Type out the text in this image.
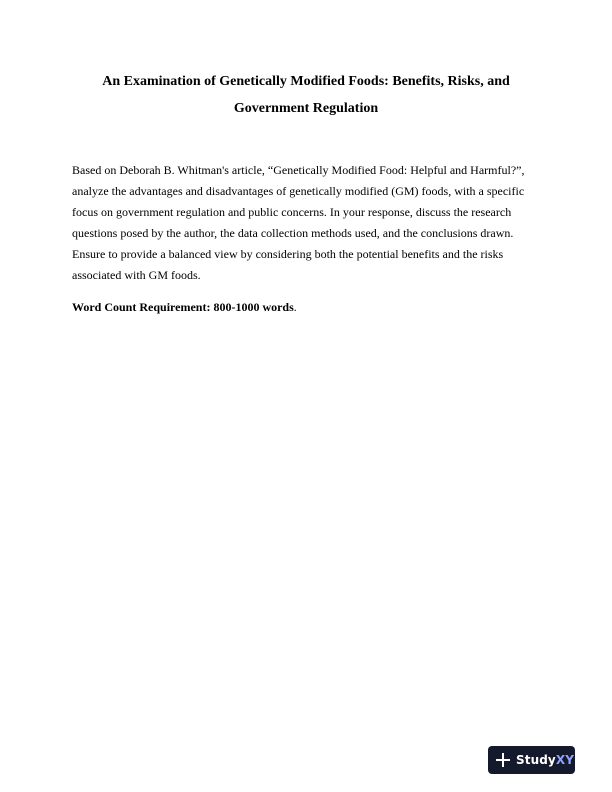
An Examination of Genetically Modified Foods: Benefits, Risks, and
Government Regulation

Based on Deborah B. Whitman's article, “Genetically Modified Food: Helpful and Harmful?”, analyze the advantages and disadvantages of genetically modified (GM) foods, with a specific focus on government regulation and public concerns. In your response, discuss the research questions posed by the author, the data collection methods used, and the conclusions drawn. Ensure to provide a balanced view by considering both the potential benefits and the risks associated with GM foods.

Word Count Requirement: 800-1000 words.

StudyXY
